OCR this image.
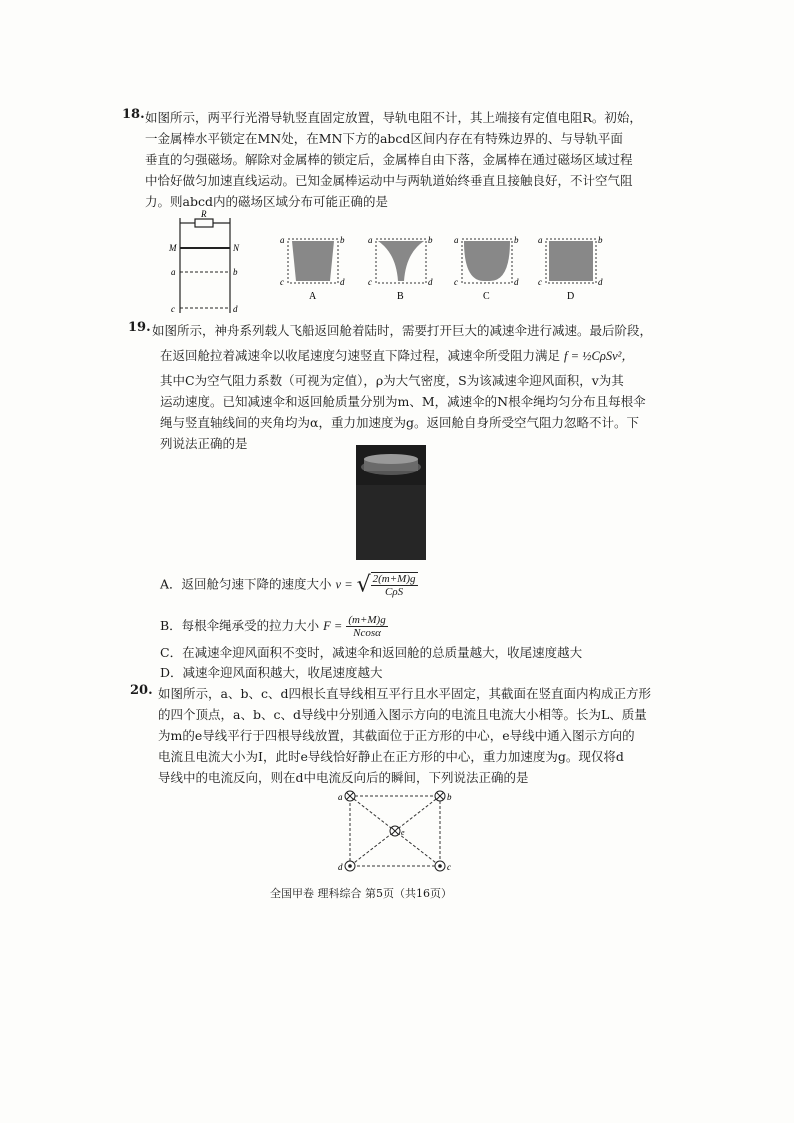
18. 如图所示，两平行光滑导轨竖直固定放置，导轨电阻不计，其上端接有定值电阻R。初始，
一金属棒水平锁定在MN处，在MN下方的abcd区间内存在有特殊边界的、与导轨平面
垂直的匀强磁场。解除对金属棒的锁定后，金属棒自由下落，金属棒在通过磁场区域过程
中恰好做匀加速直线运动。已知金属棒运动中与两轨道始终垂直且接触良好，不计空气阻
力。则abcd内的磁场区域分布可能正确的是
R
M	N
a	b
c	d
a	b
c	d
A
a	b
c	d
B
a	b
c	d
C
a	b
c	d
D
19. 如图所示，神舟系列载人飞船返回舱着陆时，需要打开巨大的减速伞进行减速。最后阶段，
在返回舱拉着减速伞以收尾速度匀速竖直下降过程，减速伞所受阻力满足 f = ½CρSv²，
其中C为空气阻力系数（可视为定值），ρ为大气密度，S为该减速伞迎风面积，v为其
运动速度。已知减速伞和返回舱质量分别为m、M，减速伞的N根伞绳均匀分布且每根伞
绳与竖直轴线间的夹角均为α，重力加速度为g。返回舱自身所受空气阻力忽略不计。下
列说法正确的是
A．返回舱匀速下降的速度大小 v = √ $\frac{2(m+M)g}{\text{CρS}}$
B．每根伞绳承受的拉力大小 $F = \frac{(m+M)g}{Ncos\alpha}$
C．在减速伞迎风面积不变时，减速伞和返回舱的总质量越大，收尾速度越大
D．减速伞迎风面积越大，收尾速度越大
20. 如图所示，a、b、c、d四根长直导线相互平行且水平固定，其截面在竖直面内构成正方形
的四个顶点，a、b、c、d导线中分别通入图示方向的电流且电流大小相等。长为L、质量
为m的e导线平行于四根导线放置，其截面位于正方形的中心，e导线中通入图示方向的
电流且电流大小为I，此时e导线恰好静止在正方形的中心，重力加速度为g。现仅将d
导线中的电流反向，则在d中电流反向后的瞬间，下列说法正确的是
a	b
e
d	c
全国甲卷 理科综合 第5页（共16页）
